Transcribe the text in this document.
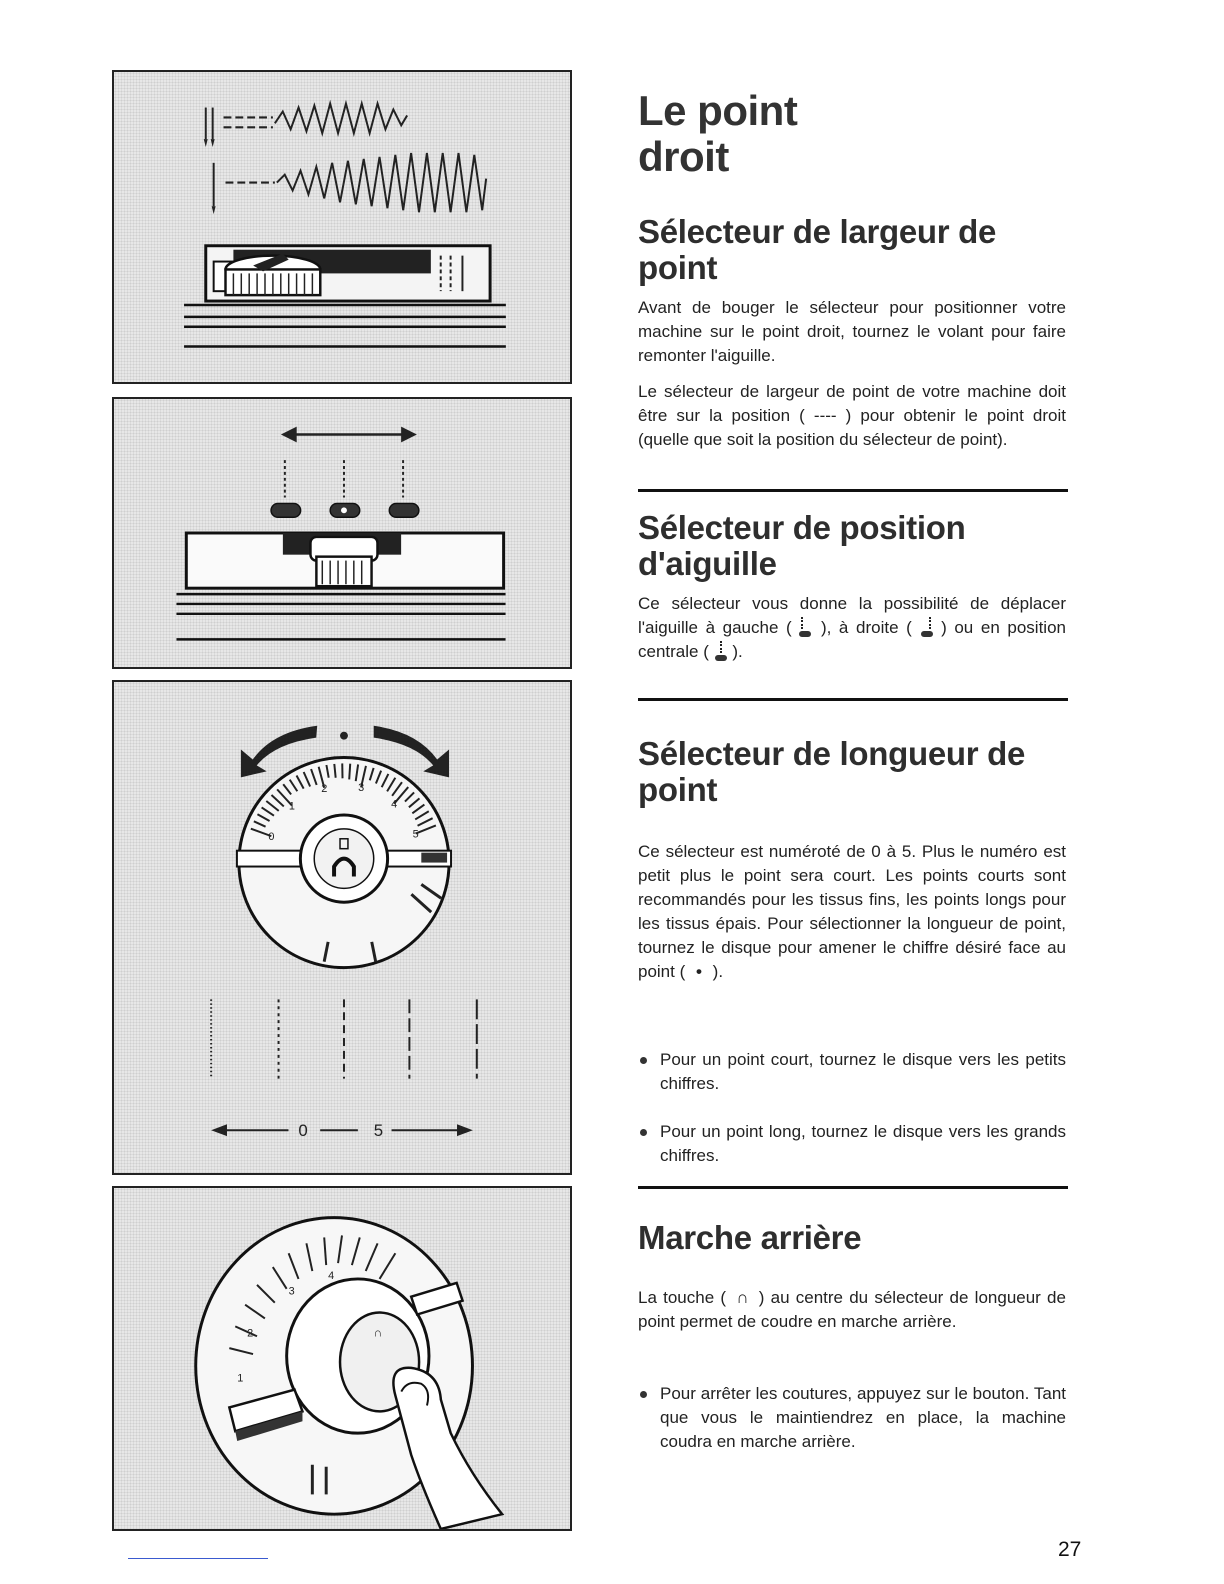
0
1
2	3
4
5
0	5
3
4
2
1
∩
Le point
droit
Sélecteur de largeur de point
Avant de bouger le sélecteur pour positionner votre machine sur le point droit, tournez le volant pour faire remonter l'aiguille.
Le sélecteur de largeur de point de votre machine doit être sur la position ( ---- ) pour obtenir le point droit (quelle que soit la position du sélecteur de point).
Sélecteur de position d'aiguille
Ce sélecteur vous donne la possibilité de déplacer l'aiguille à gauche ( ), à droite ( ) ou en position centrale ( ).
Sélecteur de longueur de point
Ce sélecteur est numéroté de 0 à 5. Plus le numéro est petit plus le point sera court. Les points courts sont recommandés pour les tissus fins, les points longs pour les tissus épais. Pour sélectionner la longueur de point, tournez le disque pour amener le chiffre désiré face au point ( • ).
Pour un point court, tournez le disque vers les petits chiffres.
Pour un point long, tournez le disque vers les grands chiffres.
Marche arrière
La touche ( ∩ ) au centre du sélecteur de longueur de point permet de coudre en marche arrière.
Pour arrêter les coutures, appuyez sur le bouton. Tant que vous le maintiendrez en place, la machine coudra en marche arrière.
27
